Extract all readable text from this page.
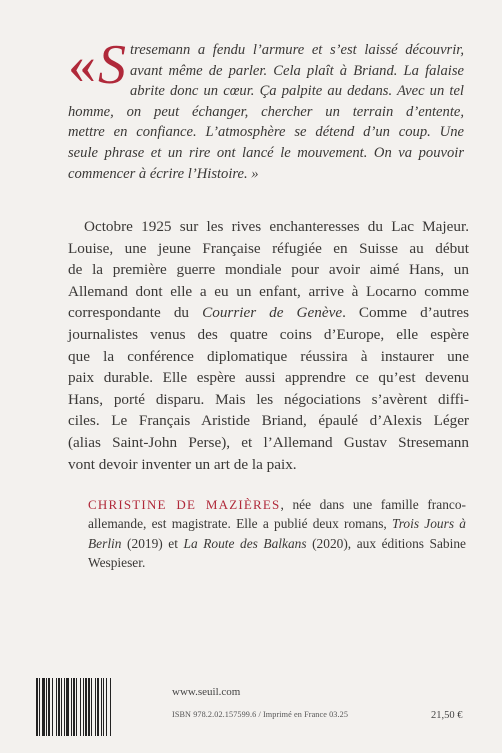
«S tresemann a fendu l’armure et s’est laissé découvrir,
avant même de parler. Cela plaît à Briand. La falaise
abrite donc un cœur. Ça palpite au dedans. Avec un tel
homme, on peut échanger, chercher un terrain d’entente,
mettre en confiance. L’atmosphère se détend d’un coup. Une
seule phrase et un rire ont lancé le mouvement. On va pouvoir
commencer à écrire l’Histoire. »
Octobre 1925 sur les rives enchanteresses du Lac Majeur.
Louise, une jeune Française réfugiée en Suisse au début
de la première guerre mondiale pour avoir aimé Hans, un
Allemand dont elle a eu un enfant, arrive à Locarno comme
correspondante du Courrier de Genève. Comme d’autres
journalistes venus des quatre coins d’Europe, elle espère
que la conférence diplomatique réussira à instaurer une
paix durable. Elle espère aussi apprendre ce qu’est devenu
Hans, porté disparu. Mais les négociations s’avèrent diffi-
ciles. Le Français Aristide Briand, épaulé d’Alexis Léger
(alias Saint-John Perse), et l’Allemand Gustav Stresemann
vont devoir inventer un art de la paix.
CHRISTINE DE MAZIÈRES, née dans une famille franco-
allemande, est magistrate. Elle a publié deux romans, Trois Jours à
Berlin (2019) et La Route des Balkans (2020), aux éditions Sabine
Wespieser.
www.seuil.com
ISBN 978.2.02.157599.6 / Imprimé en France 03.25	21,50 €
